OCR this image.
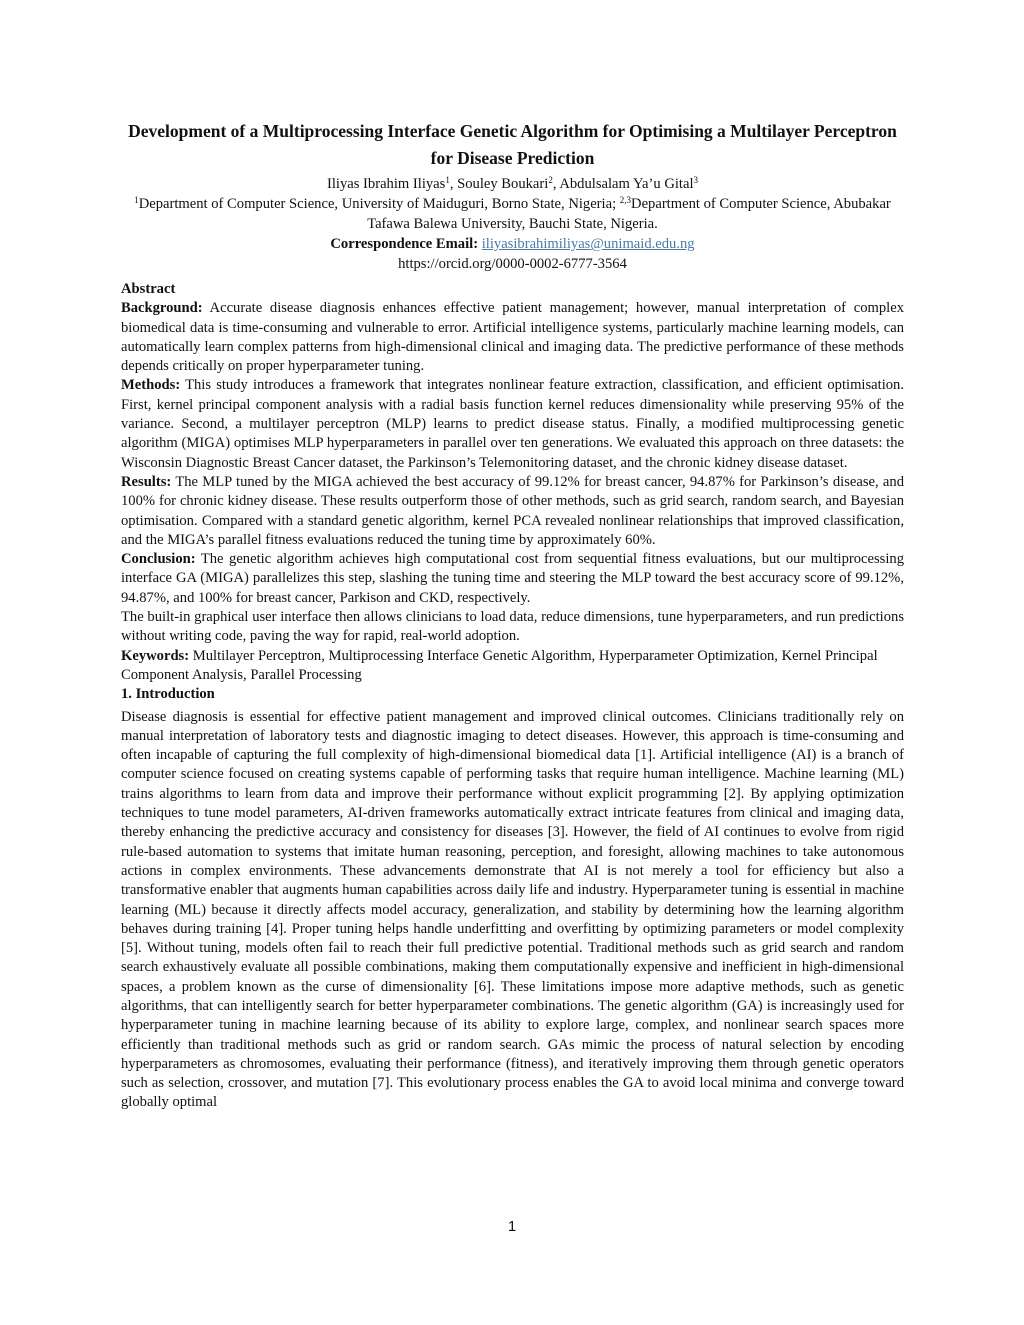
Development of a Multiprocessing Interface Genetic Algorithm for Optimising a Multilayer Perceptron for Disease Prediction

Iliyas Ibrahim Iliyas$^1$, Souley Boukari$^2$, Abdulsalam Ya’u Gital$^3$

$^1$Department of Computer Science, University of Maiduguri, Borno State, Nigeria; $^{2,3}$Department of Computer Science, Abubakar Tafawa Balewa University, Bauchi State, Nigeria.

Correspondence Email: iliyasibrahimiliyas@unimaid.edu.ng

https://orcid.org/0000-0002-6777-3564

Abstract

Background: Accurate disease diagnosis enhances effective patient management; however, manual interpretation of complex biomedical data is time-consuming and vulnerable to error. Artificial intelligence systems, particularly machine learning models, can automatically learn complex patterns from high-dimensional clinical and imaging data. The predictive performance of these methods depends critically on proper hyperparameter tuning.

Methods: This study introduces a framework that integrates nonlinear feature extraction, classification, and efficient optimisation. First, kernel principal component analysis with a radial basis function kernel reduces dimensionality while preserving 95% of the variance. Second, a multilayer perceptron (MLP) learns to predict disease status. Finally, a modified multiprocessing genetic algorithm (MIGA) optimises MLP hyperparameters in parallel over ten generations. We evaluated this approach on three datasets: the Wisconsin Diagnostic Breast Cancer dataset, the Parkinson’s Telemonitoring dataset, and the chronic kidney disease dataset.

Results: The MLP tuned by the MIGA achieved the best accuracy of 99.12% for breast cancer, 94.87% for Parkinson’s disease, and 100% for chronic kidney disease. These results outperform those of other methods, such as grid search, random search, and Bayesian optimisation. Compared with a standard genetic algorithm, kernel PCA revealed nonlinear relationships that improved classification, and the MIGA’s parallel fitness evaluations reduced the tuning time by approximately 60%.

Conclusion: The genetic algorithm achieves high computational cost from sequential fitness evaluations, but our multiprocessing interface GA (MIGA) parallelizes this step, slashing the tuning time and steering the MLP toward the best accuracy score of 99.12%, 94.87%, and 100% for breast cancer, Parkison and CKD, respectively.

The built-in graphical user interface then allows clinicians to load data, reduce dimensions, tune hyperparameters, and run predictions without writing code, paving the way for rapid, real-world adoption.

Keywords: Multilayer Perceptron, Multiprocessing Interface Genetic Algorithm, Hyperparameter Optimization, Kernel Principal Component Analysis, Parallel Processing

1. Introduction

Disease diagnosis is essential for effective patient management and improved clinical outcomes. Clinicians traditionally rely on manual interpretation of laboratory tests and diagnostic imaging to detect diseases. However, this approach is time-consuming and often incapable of capturing the full complexity of high-dimensional biomedical data [1]. Artificial intelligence (AI) is a branch of computer science focused on creating systems capable of performing tasks that require human intelligence. Machine learning (ML) trains algorithms to learn from data and improve their performance without explicit programming [2]. By applying optimization techniques to tune model parameters, AI-driven frameworks automatically extract intricate features from clinical and imaging data, thereby enhancing the predictive accuracy and consistency for diseases [3]. However, the field of AI continues to evolve from rigid rule-based automation to systems that imitate human reasoning, perception, and foresight, allowing machines to take autonomous actions in complex environments. These advancements demonstrate that AI is not merely a tool for efficiency but also a transformative enabler that augments human capabilities across daily life and industry. Hyperparameter tuning is essential in machine learning (ML) because it directly affects model accuracy, generalization, and stability by determining how the learning algorithm behaves during training [4]. Proper tuning helps handle underfitting and overfitting by optimizing parameters or model complexity [5]. Without tuning, models often fail to reach their full predictive potential. Traditional methods such as grid search and random search exhaustively evaluate all possible combinations, making them computationally expensive and inefficient in high-dimensional spaces, a problem known as the curse of dimensionality [6]. These limitations impose more adaptive methods, such as genetic algorithms, that can intelligently search for better hyperparameter combinations. The genetic algorithm (GA) is increasingly used for hyperparameter tuning in machine learning because of its ability to explore large, complex, and nonlinear search spaces more efficiently than traditional methods such as grid or random search. GAs mimic the process of natural selection by encoding hyperparameters as chromosomes, evaluating their performance (fitness), and iteratively improving them through genetic operators such as selection, crossover, and mutation [7]. This evolutionary process enables the GA to avoid local minima and converge toward globally optimal

1
